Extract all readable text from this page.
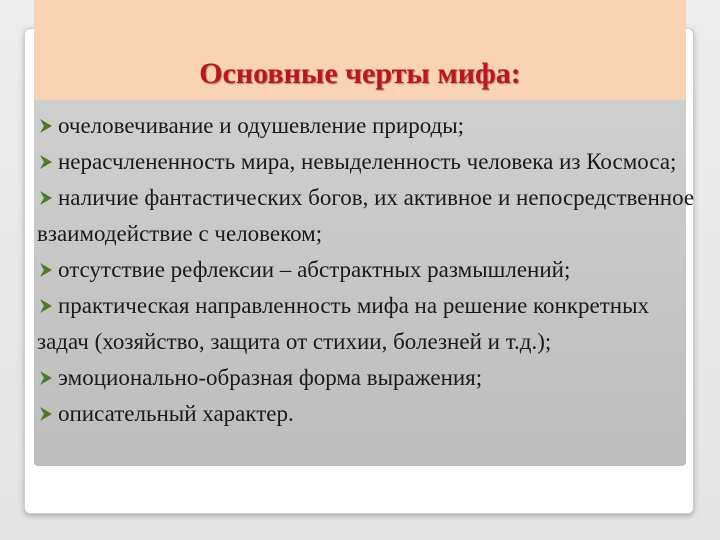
Основные черты мифа:
очеловечивание и одушевление природы;
нерасчлененность мира, невыделенность человека из Космоса;
наличие фантастических богов, их активное и непосредственное взаимодействие с человеком;
отсутствие рефлексии – абстрактных размышлений;
практическая направленность мифа на решение конкретных задач (хозяйство, защита от стихии, болезней и т.д.);
эмоционально-образная форма выражения;
описательный характер.
